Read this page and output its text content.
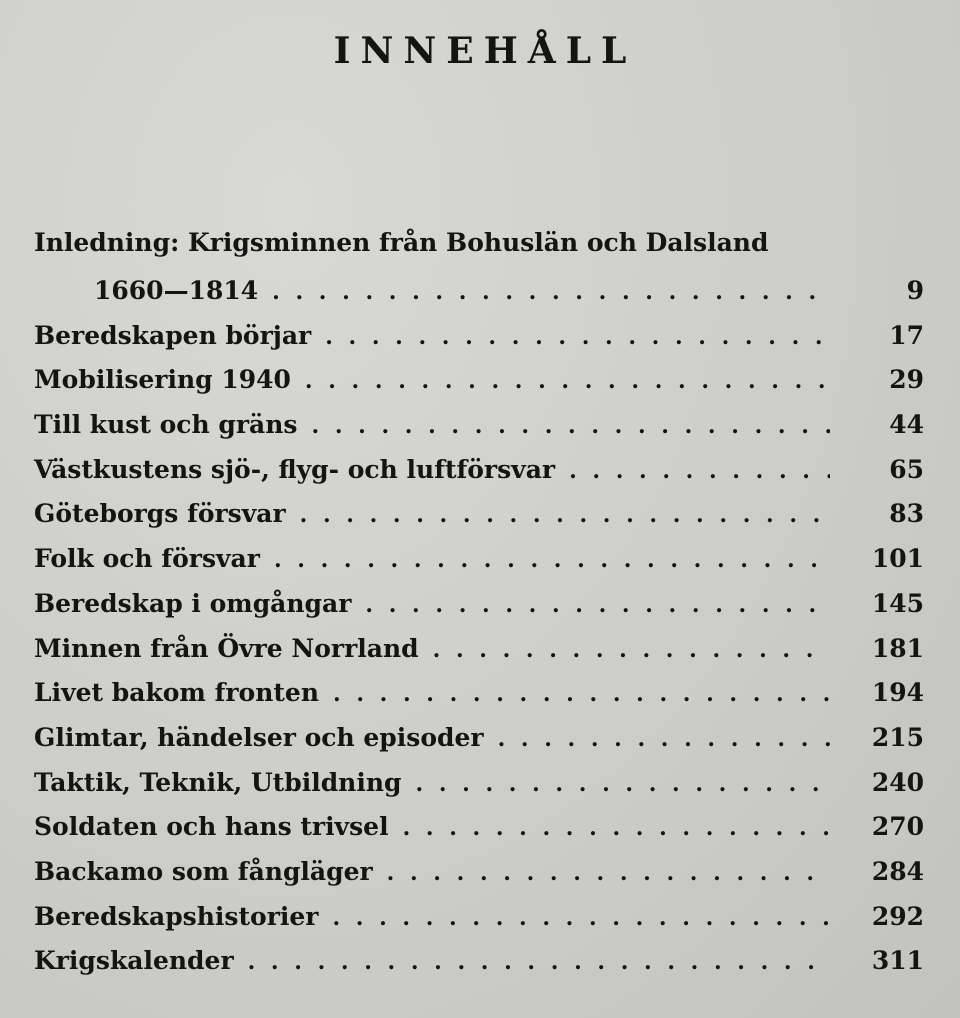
INNEHÅLL
Inledning: Krigsminnen från Bohuslän och Dalsland
1660—1814 . . .	9
Beredskapen börjar . . .	17
Mobilisering 1940 . . .	29
Till kust och gräns . . .	44
Västkustens sjö-, flyg- och luftförsvar . . .	65
Göteborgs försvar . . .	83
Folk och försvar . . .	101
Beredskap i omgångar . . .	145
Minnen från Övre Norrland . . .	181
Livet bakom fronten . . .	194
Glimtar, händelser och episoder . . .	215
Taktik, Teknik, Utbildning . . .	240
Soldaten och hans trivsel . . .	270
Backamo som fångläger . . .	284
Beredskapshistorier . . .	292
Krigskalender . . .	311
